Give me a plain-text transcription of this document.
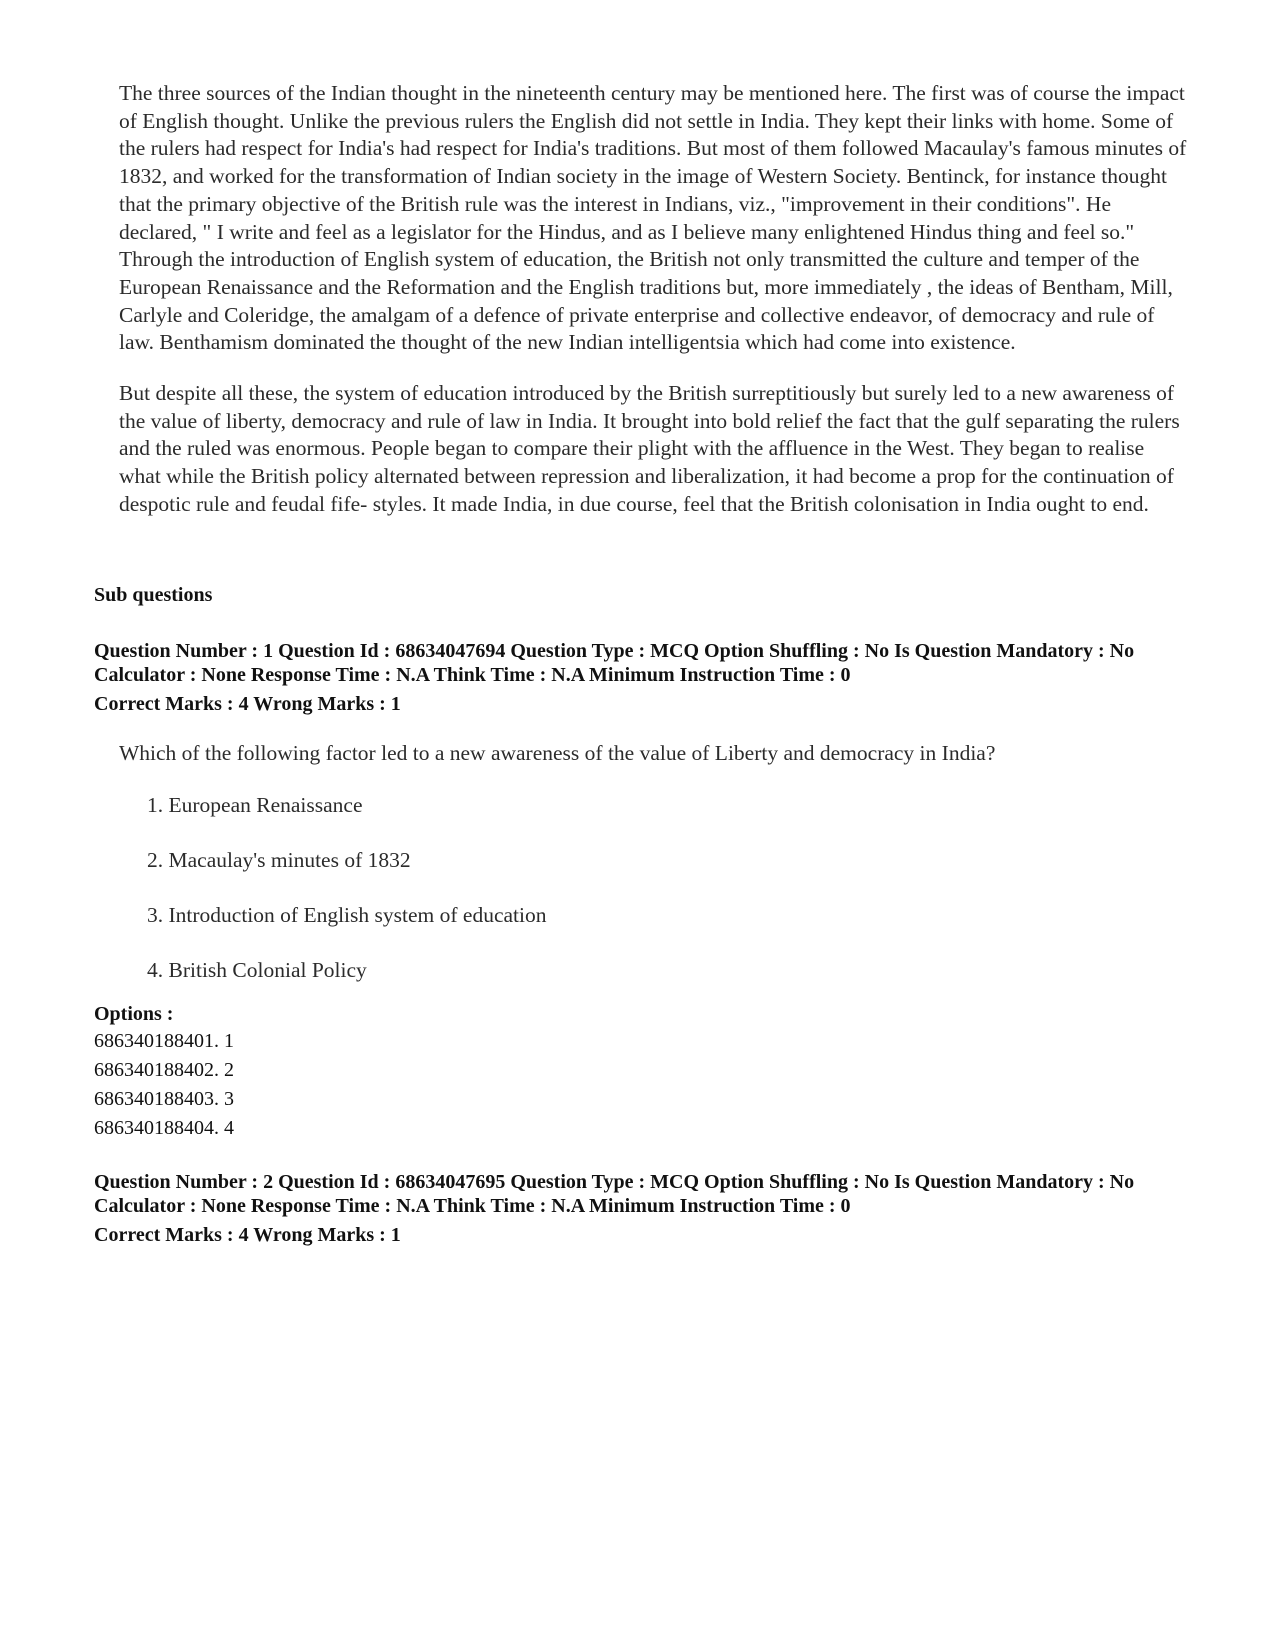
The three sources of the Indian thought in the nineteenth century may be mentioned here. The first was of course the impact of English thought. Unlike the previous rulers the English did not settle in India. They kept their links with home. Some of the rulers had respect for India's had respect for India's traditions. But most of them followed Macaulay's famous minutes of 1832, and worked for the transformation of Indian society in the image of Western Society. Bentinck, for instance thought that the primary objective of the British rule was the interest in Indians, viz., "improvement in their conditions". He declared, " I write and feel as a legislator for the Hindus, and as I believe many enlightened Hindus thing and feel so." Through the introduction of English system of education, the British not only transmitted the culture and temper of the European Renaissance and the Reformation and the English traditions but, more immediately , the ideas of Bentham, Mill, Carlyle and Coleridge, the amalgam of a defence of private enterprise and collective endeavor, of democracy and rule of law. Benthamism dominated the thought of the new Indian intelligentsia which had come into existence.

But despite all these, the system of education introduced by the British surreptitiously but surely led to a new awareness of the value of liberty, democracy and rule of law in India. It brought into bold relief the fact that the gulf separating the rulers and the ruled was enormous. People began to compare their plight with the affluence in the West. They began to realise what while the British policy alternated between repression and liberalization, it had become a prop for the continuation of despotic rule and feudal fife- styles. It made India, in due course, feel that the British colonisation in India ought to end.

Sub questions
Question Number : 1 Question Id : 68634047694 Question Type : MCQ Option Shuffling : No Is Question Mandatory : No Calculator : None Response Time : N.A Think Time : N.A Minimum Instruction Time : 0
Correct Marks : 4 Wrong Marks : 1
Which of the following factor led to a new awareness of the value of Liberty and democracy in India?
1. European Renaissance
2. Macaulay's minutes of 1832
3. Introduction of English system of education
4. British Colonial Policy
Options :
686340188401. 1
686340188402. 2
686340188403. 3
686340188404. 4
Question Number : 2 Question Id : 68634047695 Question Type : MCQ Option Shuffling : No Is Question Mandatory : No Calculator : None Response Time : N.A Think Time : N.A Minimum Instruction Time : 0
Correct Marks : 4 Wrong Marks : 1
